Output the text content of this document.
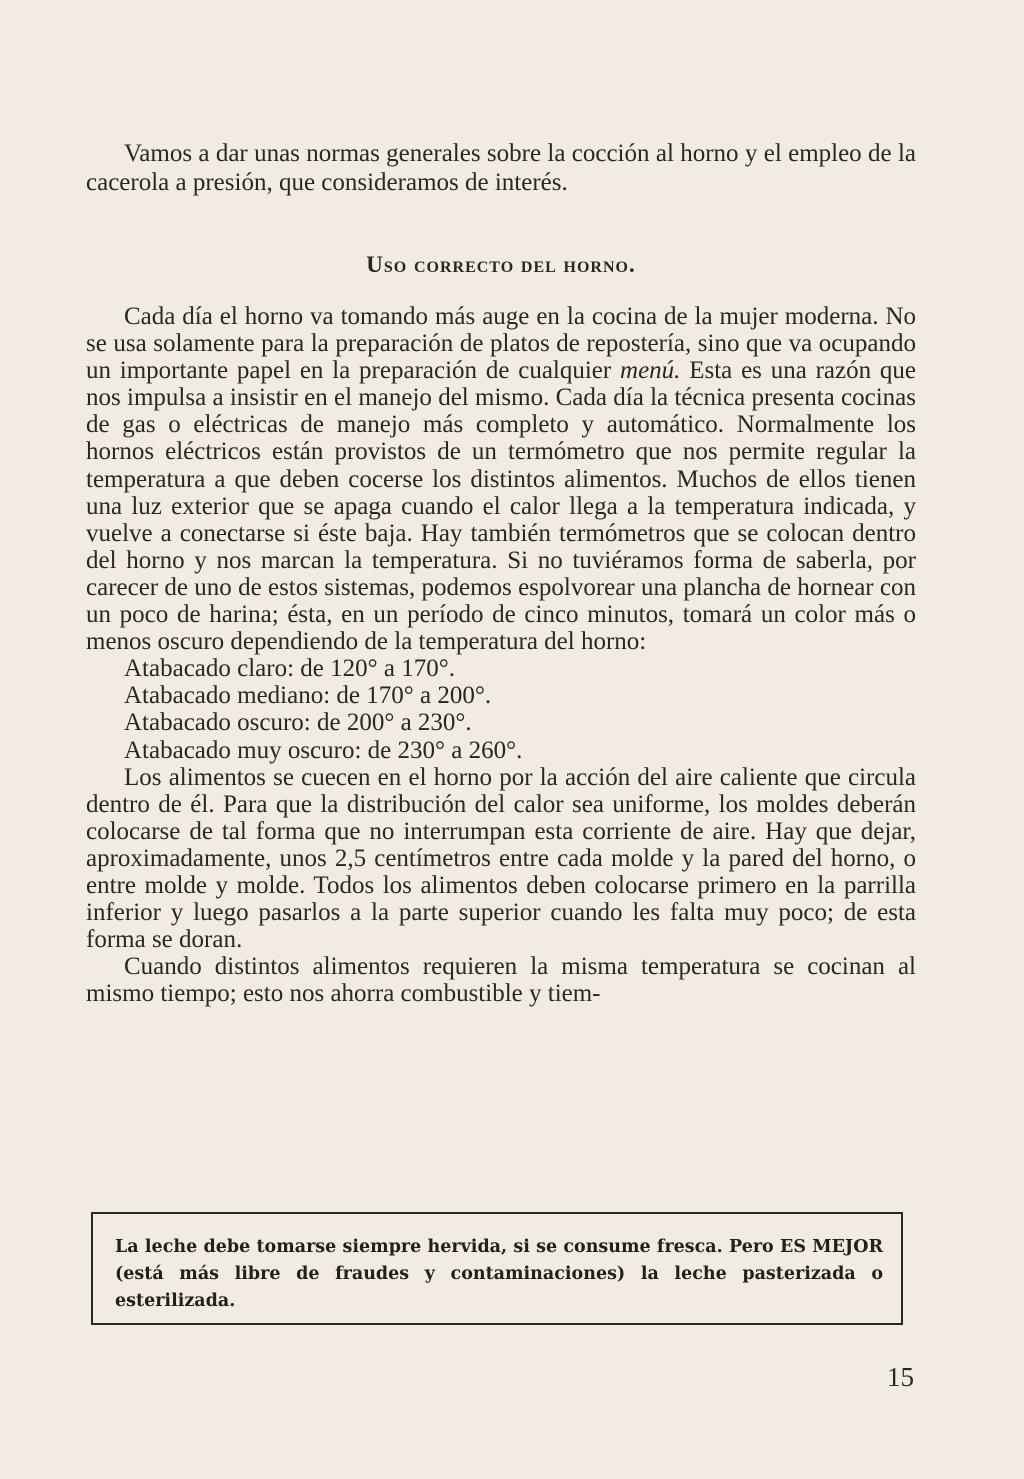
Vamos a dar unas normas generales sobre la cocción al horno y el empleo de la cacerola a presión, que consideramos de interés.

Uso correcto del horno.

Cada día el horno va tomando más auge en la cocina de la mujer moderna. No se usa solamente para la preparación de platos de repostería, sino que va ocupando un importante papel en la preparación de cualquier menú. Esta es una razón que nos impulsa a insistir en el manejo del mismo. Cada día la técnica presenta cocinas de gas o eléctricas de manejo más completo y automático. Normalmente los hornos eléctricos están provistos de un termómetro que nos permite regular la temperatura a que deben cocerse los distintos alimentos. Muchos de ellos tienen una luz exterior que se apaga cuando el calor llega a la temperatura indicada, y vuelve a conectarse si éste baja. Hay también termómetros que se colocan dentro del horno y nos marcan la temperatura. Si no tuviéramos forma de saberla, por carecer de uno de estos sistemas, podemos espolvorear una plancha de hornear con un poco de harina; ésta, en un período de cinco minutos, tomará un color más o menos oscuro dependiendo de la temperatura del horno:

Atabacado claro: de 120° a 170°.
Atabacado mediano: de 170° a 200°.
Atabacado oscuro: de 200° a 230°.
Atabacado muy oscuro: de 230° a 260°.

Los alimentos se cuecen en el horno por la acción del aire caliente que circula dentro de él. Para que la distribución del calor sea uniforme, los moldes deberán colocarse de tal forma que no interrumpan esta corriente de aire. Hay que dejar, aproximadamente, unos 2,5 centímetros entre cada molde y la pared del horno, o entre molde y molde. Todos los alimentos deben colocarse primero en la parrilla inferior y luego pasarlos a la parte superior cuando les falta muy poco; de esta forma se doran.

Cuando distintos alimentos requieren la misma temperatura se cocinan al mismo tiempo; esto nos ahorra combustible y tiem-

La leche debe tomarse siempre hervida, si se consume fresca. Pero ES MEJOR (está más libre de fraudes y contaminaciones) la leche pasterizada o esterilizada.

15
